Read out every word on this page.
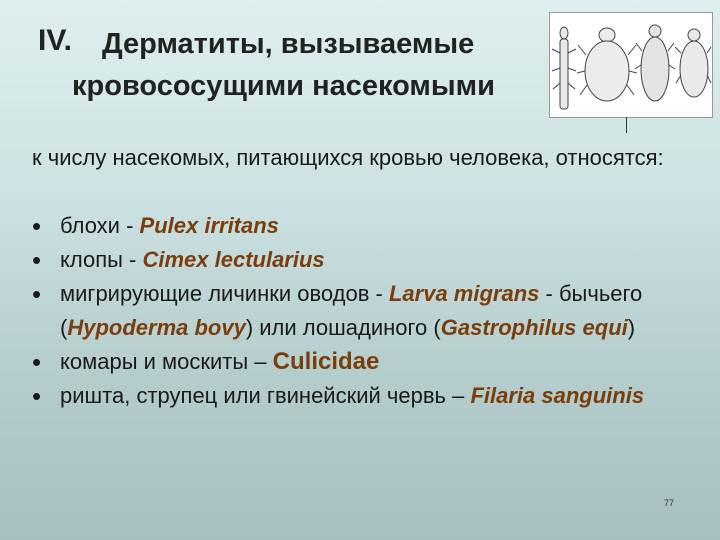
IV. Дерматиты, вызываемые
кровососущими насекомыми
к числу насекомых, питающихся кровью человека, относятся:
• блохи - Pulex irritans
• клопы - Cimex lectularius
• мигрирующие личинки оводов - Larva migrans - бычьего (Hypoderma bovy) или лошадиного (Gastrophilus equi)
• комары и москиты – Culicidae
• ришта, струпец или гвинейский червь – Filaria sanguinis
77
